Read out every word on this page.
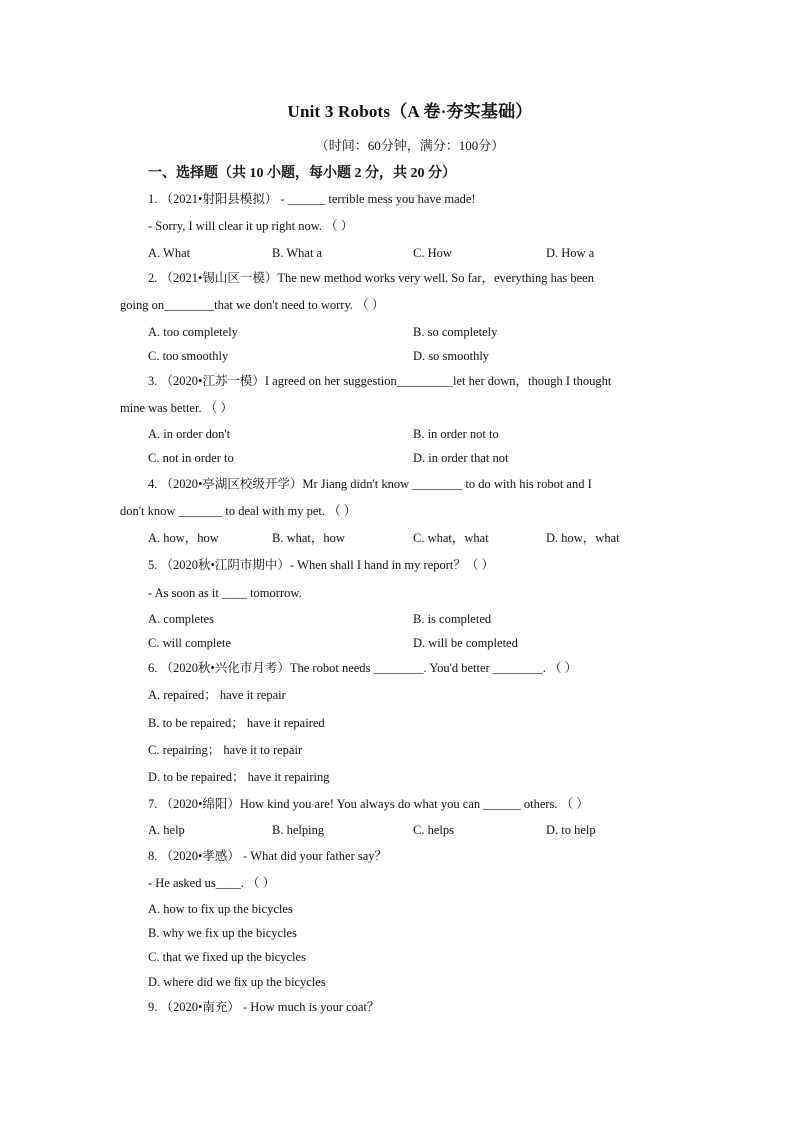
Unit 3 Robots（A 卷·夯实基础）
（时间：60分钟，满分：100分）
一、选择题（共 10 小题，每小题 2 分，共 20 分）
1. （2021•射阳县模拟） - ______ terrible mess you have made!
- Sorry, I will clear it up right now. （ ）
A. What	B. What a	C. How	D. How a
2. （2021•锡山区一模）The new method works very well. So far，everything has been
going on________that we don't need to worry. （ ）
A. too completely	B. so completely
C. too smoothly	D. so smoothly
3. （2020•江苏一模）I agreed on her suggestion_________let her down，though I thought
mine was better. （ ）
A. in order don't	B. in order not to
C. not in order to	D. in order that not
4. （2020•亭湖区校级开学）Mr Jiang didn't know ________ to do with his robot and I
don't know _______ to deal with my pet. （ ）
A. how，how	B. what，how	C. what，what	D. how，what
5. （2020秋•江阴市期中）- When shall I hand in my report？（ ）
- As soon as it ____ tomorrow.
A. completes	B. is completed
C. will complete	D. will be completed
6. （2020秋•兴化市月考）The robot needs ________. You'd better ________. （ ）
A. repaired； have it repair
B. to be repaired； have it repaired
C. repairing； have it to repair
D. to be repaired； have it repairing
7. （2020•绵阳）How kind you are! You always do what you can ______ others. （ ）
A. help	B. helping	C. helps	D. to help
8. （2020•孝感） - What did your father say？
- He asked us____. （ ）
A. how to fix up the bicycles
B. why we fix up the bicycles
C. that we fixed up the bicycles
D. where did we fix up the bicycles
9. （2020•南充） - How much is your coat？
